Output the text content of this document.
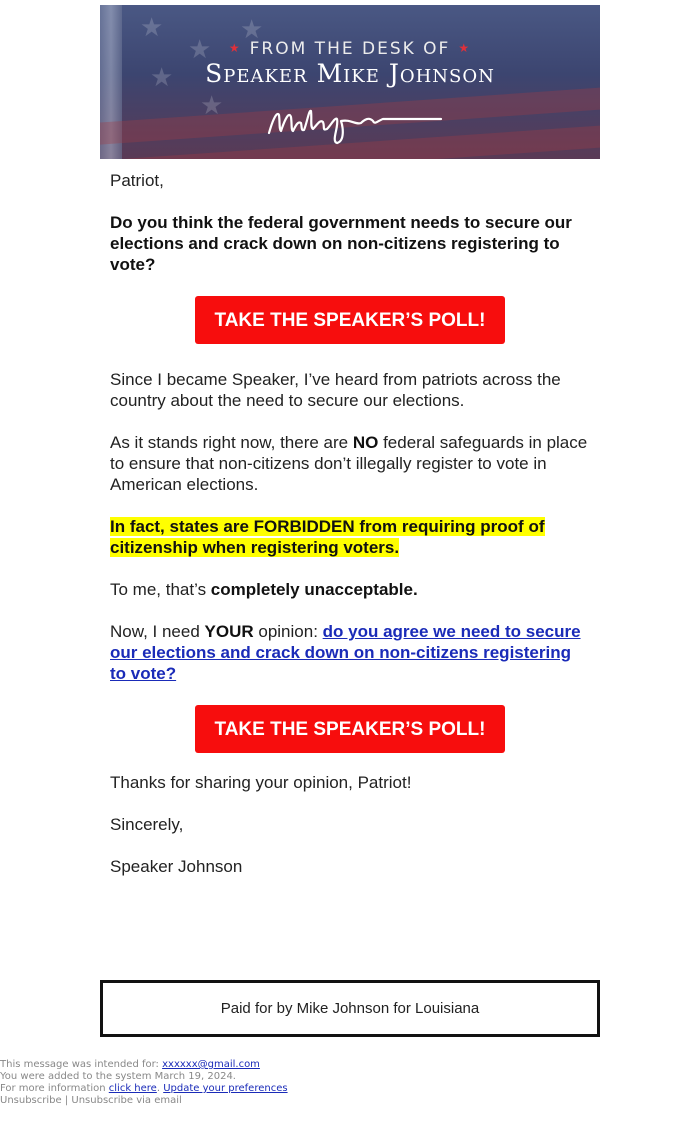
★
★
★
★
★
★ FROM THE DESK OF ★
Speaker Mike Johnson

Patriot,

Do you think the federal government needs to secure our elections and crack down on non-citizens registering to vote?

TAKE THE SPEAKER’S POLL!

Since I became Speaker, I’ve heard from patriots across the country about the need to secure our elections.

As it stands right now, there are NO federal safeguards in place to ensure that non-citizens don’t illegally register to vote in American elections.

In fact, states are FORBIDDEN from requiring proof of citizenship when registering voters.

To me, that’s completely unacceptable.

Now, I need YOUR opinion: do you agree we need to secure our elections and crack down on non-citizens registering to vote?

TAKE THE SPEAKER’S POLL!

Thanks for sharing your opinion, Patriot!

Sincerely,

Speaker Johnson

Paid for by Mike Johnson for Louisiana
This message was intended for: xxxxxx@gmail.com
You were added to the system March 19, 2024.
For more information click here. Update your preferences
Unsubscribe | Unsubscribe via email
